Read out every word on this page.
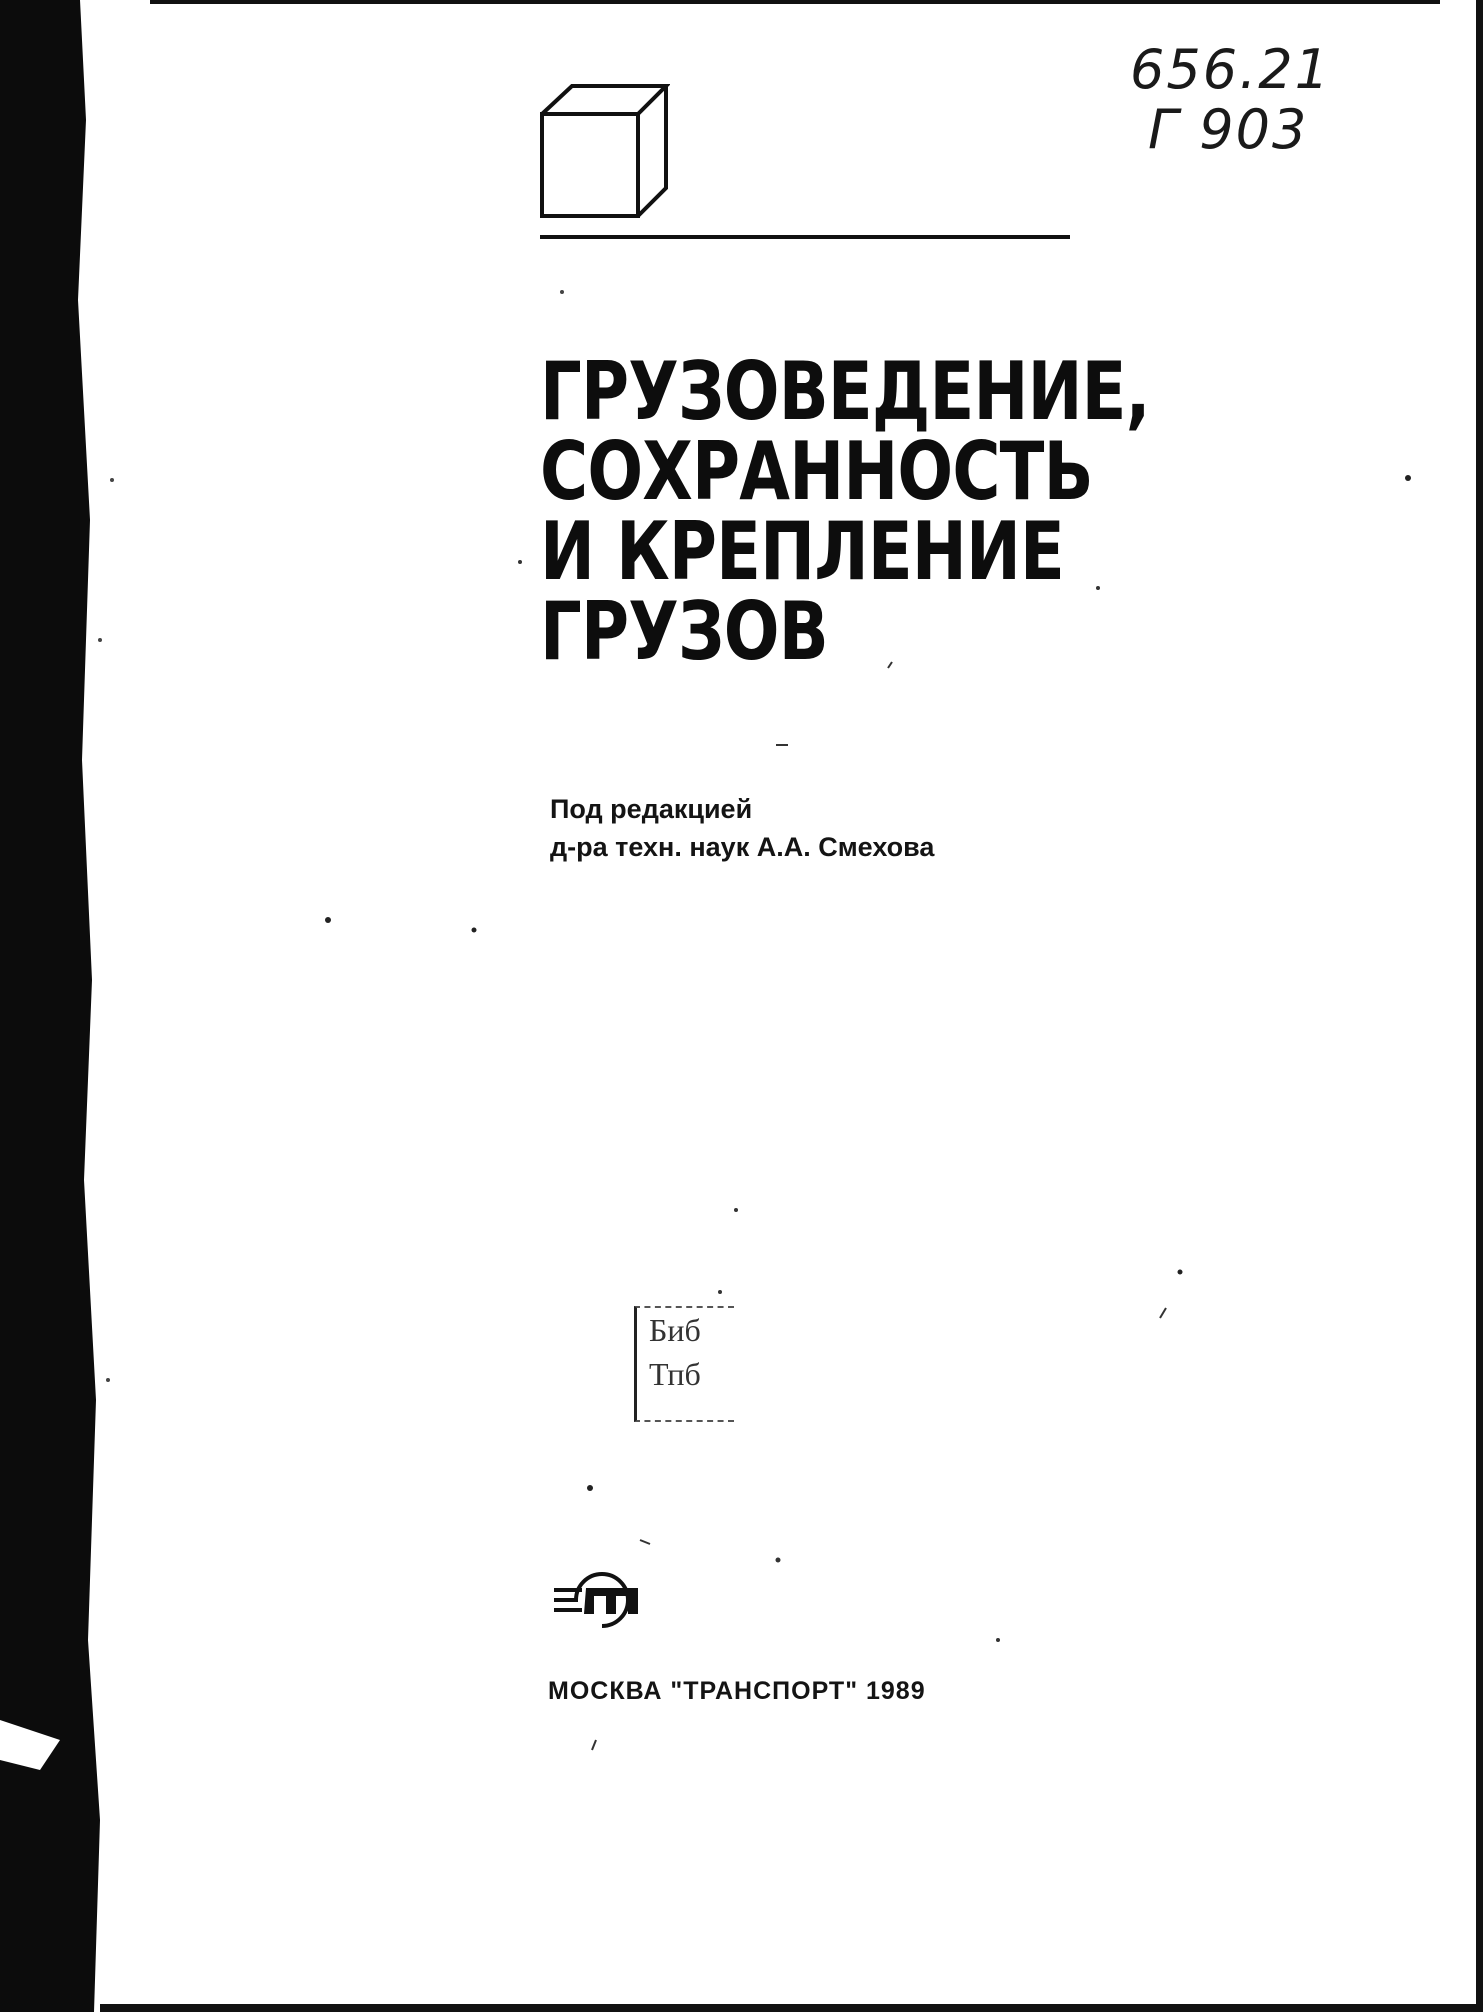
656.21
Г 903
ГРУЗОВЕДЕНИЕ,
СОХРАННОСТЬ
И КРЕПЛЕНИЕ
ГРУЗОВ
Под редакцией
д-ра техн. наук А.А. Смехова
Биб
Тпб
МОСКВА "ТРАНСПОРТ" 1989
